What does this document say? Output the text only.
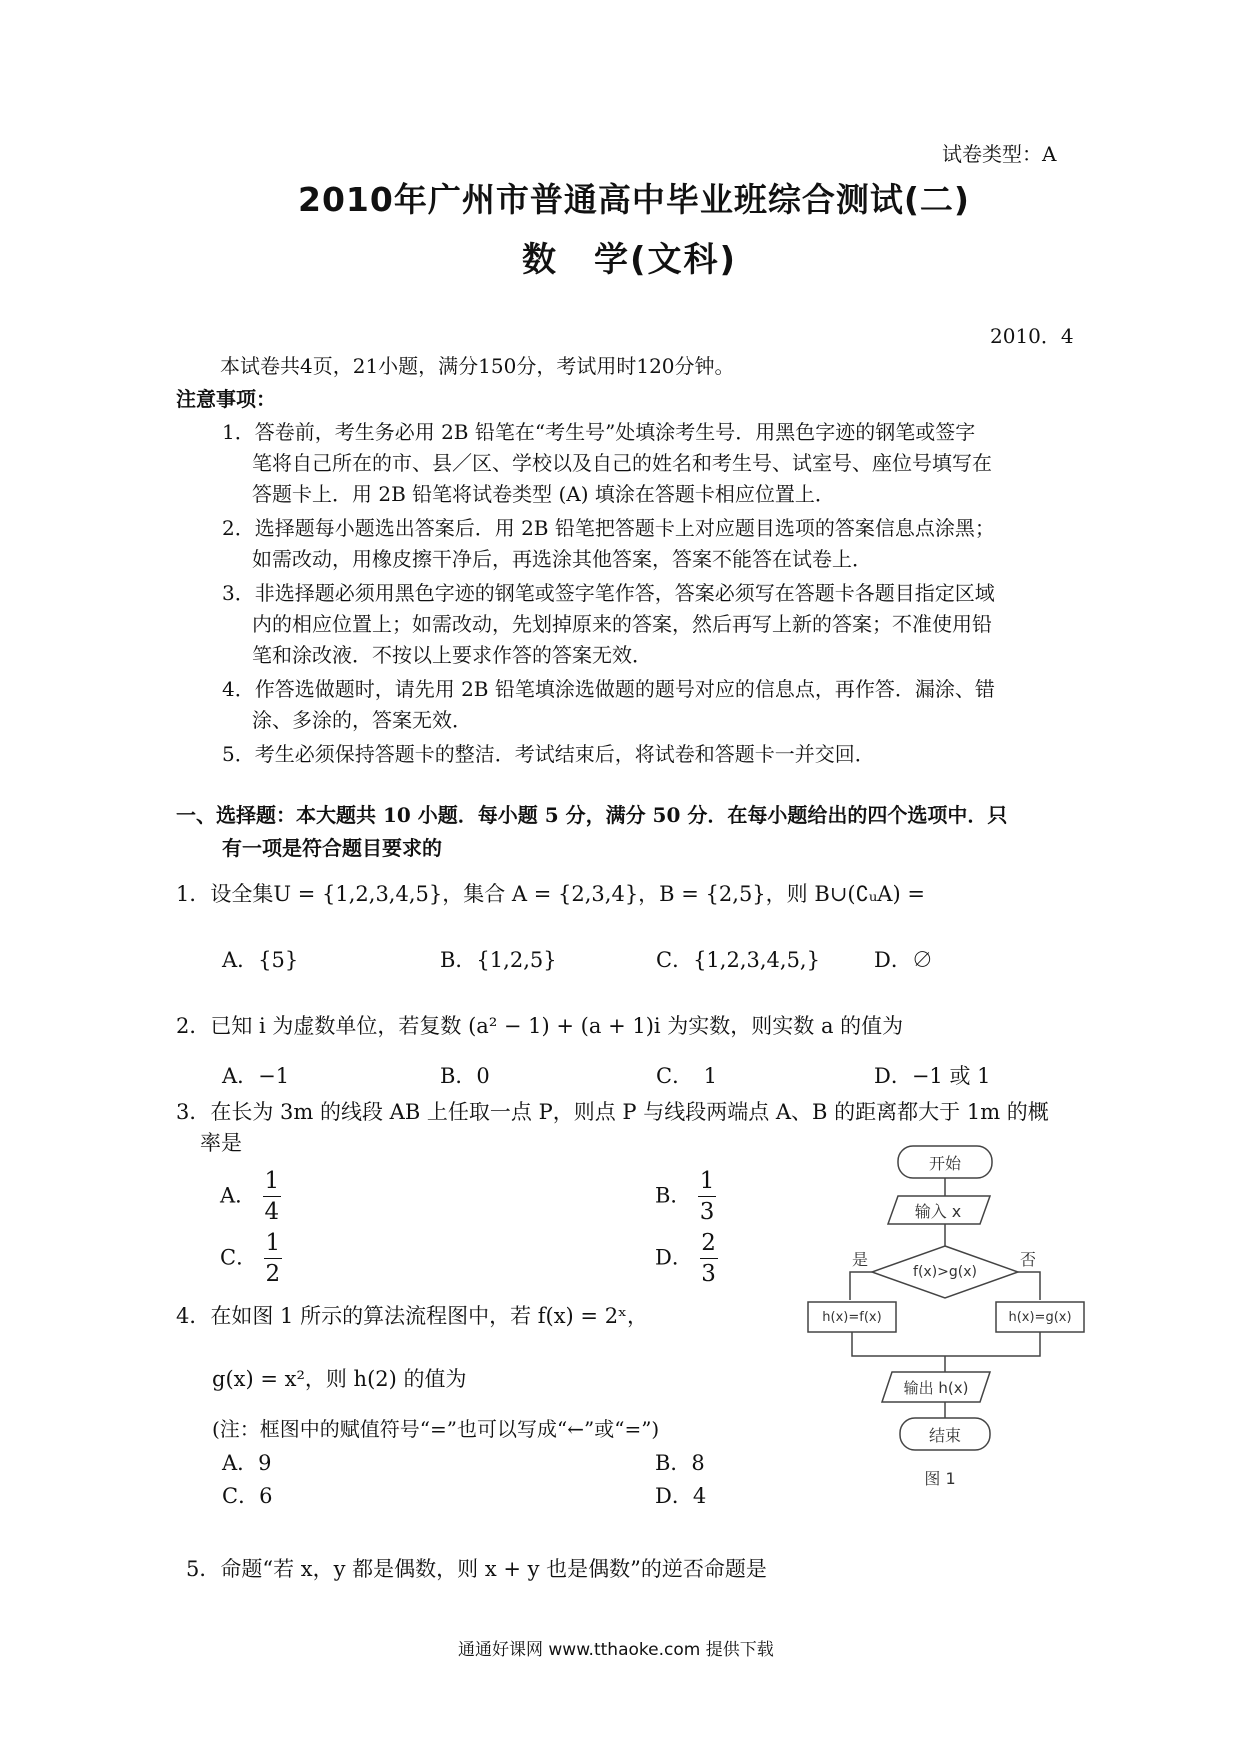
试卷类型：A
2010年广州市普通高中毕业班综合测试(二)
数　学(文科)
2010．4
本试卷共4页，21小题，满分150分，考试用时120分钟。
注意事项：
1．答卷前，考生务必用 2B 铅笔在“考生号”处填涂考生号．用黑色字迹的钢笔或签字
笔将自己所在的市、县／区、学校以及自己的姓名和考生号、试室号、座位号填写在
答题卡上．用 2B 铅笔将试卷类型 (A) 填涂在答题卡相应位置上．
2．选择题每小题选出答案后．用 2B 铅笔把答题卡上对应题目选项的答案信息点涂黑；
如需改动，用橡皮擦干净后，再选涂其他答案，答案不能答在试卷上．
3．非选择题必须用黑色字迹的钢笔或签字笔作答，答案必须写在答题卡各题目指定区域
内的相应位置上；如需改动，先划掉原来的答案，然后再写上新的答案；不准使用铅
笔和涂改液．不按以上要求作答的答案无效．
4．作答选做题时，请先用 2B 铅笔填涂选做题的题号对应的信息点，再作答．漏涂、错
涂、多涂的，答案无效．
5．考生必须保持答题卡的整洁．考试结束后，将试卷和答题卡一并交回．
一、选择题：本大题共 10 小题．每小题 5 分，满分 50 分．在每小题给出的四个选项中．只
有一项是符合题目要求的
1．设全集U = {1,2,3,4,5}，集合 A = {2,3,4}，B = {2,5}，则 B∪(∁ᵤA) =
A．{5}	B．{1,2,5}	C．{1,2,3,4,5,}	D．∅
2．已知 i 为虚数单位，若复数 (a² − 1) + (a + 1)i 为实数，则实数 a 的值为
A．−1	B．0	C．　1	D．−1 或 1
3．在长为 3m 的线段 AB 上任取一点 P，则点 P 与线段两端点 A、B 的距离都大于 1m 的概
率是
A． $\frac{1}{4}$	B． $\frac{1}{3}$
C． $\frac{1}{2}$	D． $\frac{2}{3}$
4．在如图 1 所示的算法流程图中，若 f(x) = 2ˣ，
g(x) = x²，则 h(2) 的值为
(注：框图中的赋值符号“=”也可以写成“←”或“=”)
A．9	B．8
C．6	D．4
开始
输入 x
f(x)>g(x)
是	否
h(x)=f(x)	h(x)=g(x)
输出 h(x)
结束
图 1
5．命题“若 x，y 都是偶数，则 x + y 也是偶数”的逆否命题是
通通好课网 www.tthaoke.com 提供下载
